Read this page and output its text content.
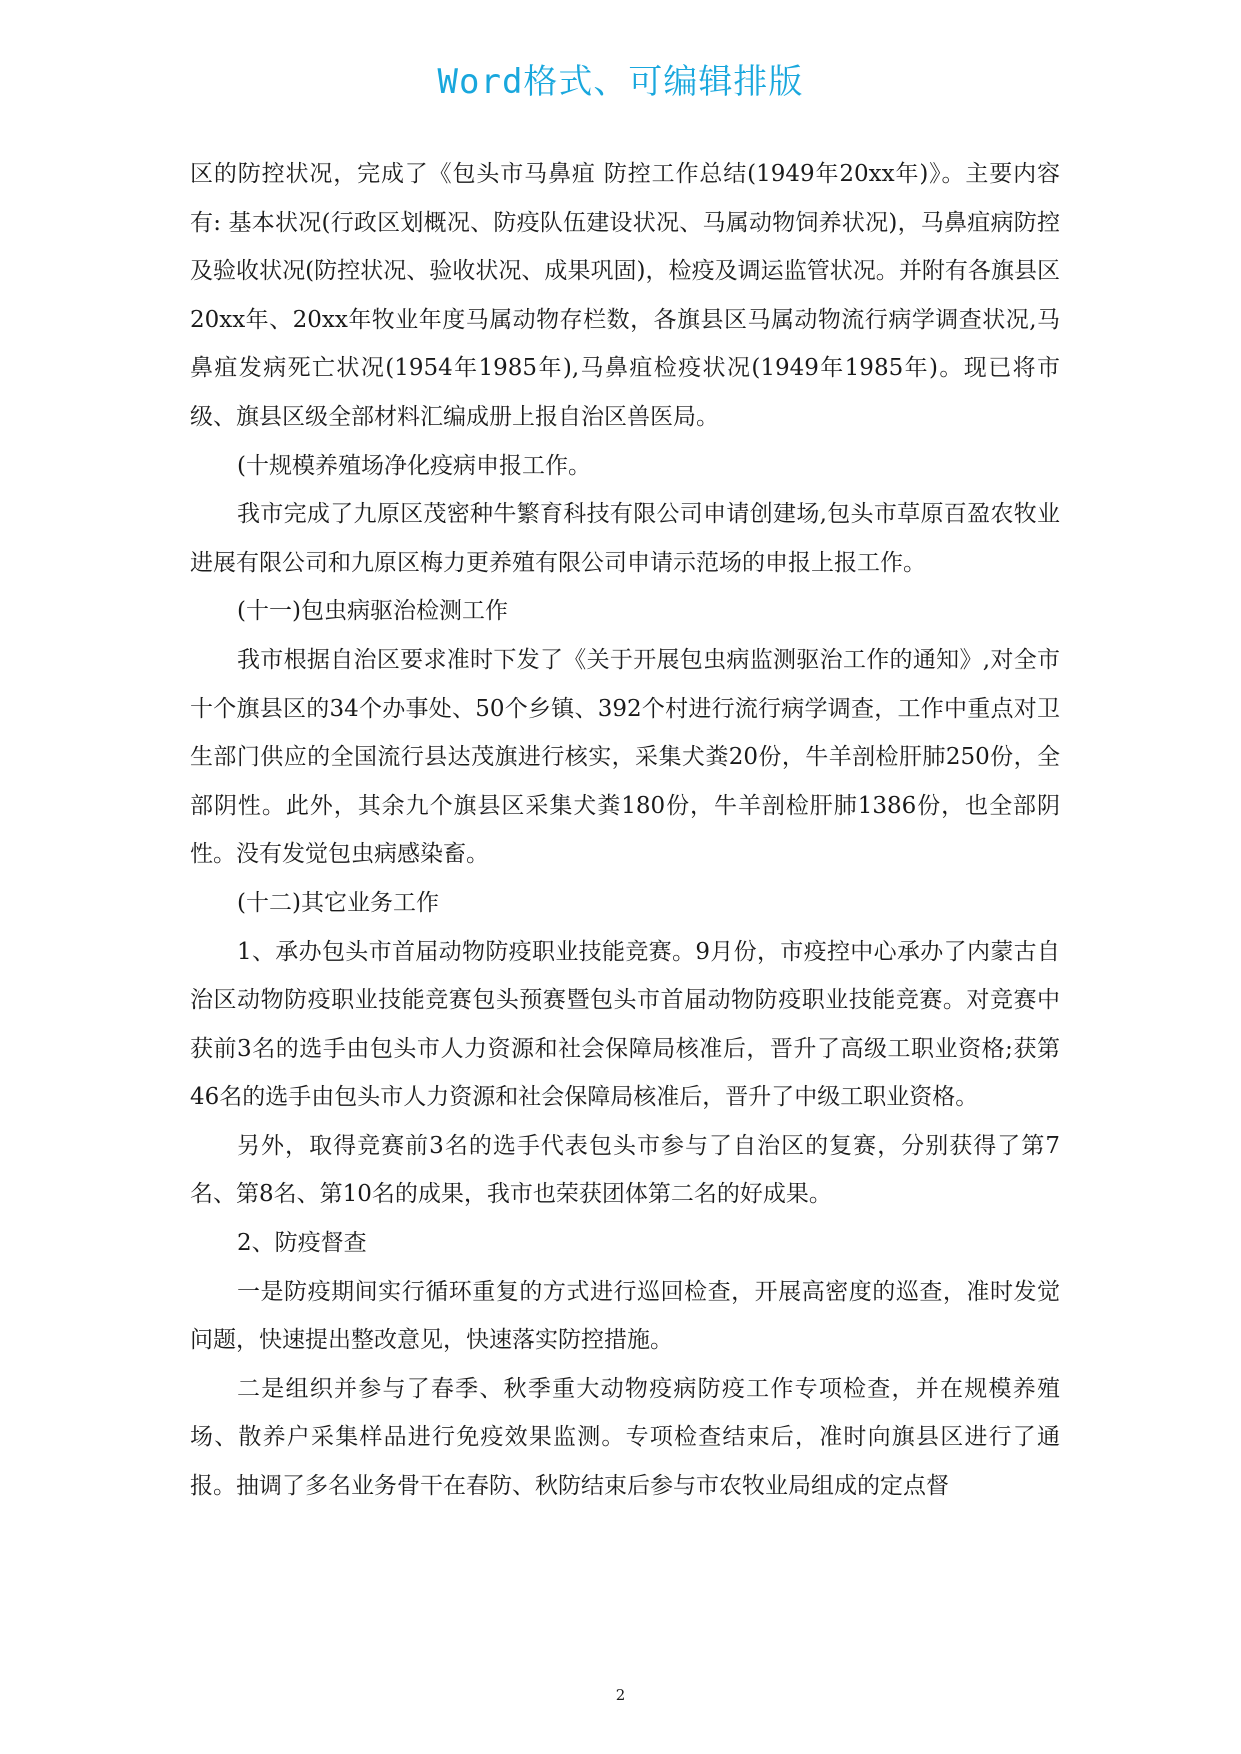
Word格式、可编辑排版

区的防控状况，完成了《包头市马鼻疽 防控工作总结(1949年20xx年)》。主要内容有: 基本状况(行政区划概况、防疫队伍建设状况、马属动物饲养状况)，马鼻疽病防控及验收状况(防控状况、验收状况、成果巩固)，检疫及调运监管状况。并附有各旗县区20xx年、20xx年牧业年度马属动物存栏数，各旗县区马属动物流行病学调查状况,马鼻疽发病死亡状况(1954年1985年),马鼻疽检疫状况(1949年1985年)。现已将市级、旗县区级全部材料汇编成册上报自治区兽医局。

(十规模养殖场净化疫病申报工作。

我市完成了九原区茂密种牛繁育科技有限公司申请创建场,包头市草原百盈农牧业进展有限公司和九原区梅力更养殖有限公司申请示范场的申报上报工作。

(十一)包虫病驱治检测工作

我市根据自治区要求准时下发了《关于开展包虫病监测驱治工作的通知》,对全市十个旗县区的34个办事处、50个乡镇、392个村进行流行病学调查，工作中重点对卫生部门供应的全国流行县达茂旗进行核实，采集犬粪20份，牛羊剖检肝肺250份，全部阴性。此外，其余九个旗县区采集犬粪180份，牛羊剖检肝肺1386份，也全部阴性。没有发觉包虫病感染畜。

(十二)其它业务工作

1、承办包头市首届动物防疫职业技能竞赛。9月份，市疫控中心承办了内蒙古自治区动物防疫职业技能竞赛包头预赛暨包头市首届动物防疫职业技能竞赛。对竞赛中获前3名的选手由包头市人力资源和社会保障局核准后，晋升了高级工职业资格;获第46名的选手由包头市人力资源和社会保障局核准后，晋升了中级工职业资格。

另外，取得竞赛前3名的选手代表包头市参与了自治区的复赛，分别获得了第7名、第8名、第10名的成果，我市也荣获团体第二名的好成果。

2、防疫督查

一是防疫期间实行循环重复的方式进行巡回检查，开展高密度的巡查，准时发觉问题，快速提出整改意见，快速落实防控措施。

二是组织并参与了春季、秋季重大动物疫病防疫工作专项检查，并在规模养殖场、散养户采集样品进行免疫效果监测。专项检查结束后，准时向旗县区进行了通报。抽调了多名业务骨干在春防、秋防结束后参与市农牧业局组成的定点督

2
